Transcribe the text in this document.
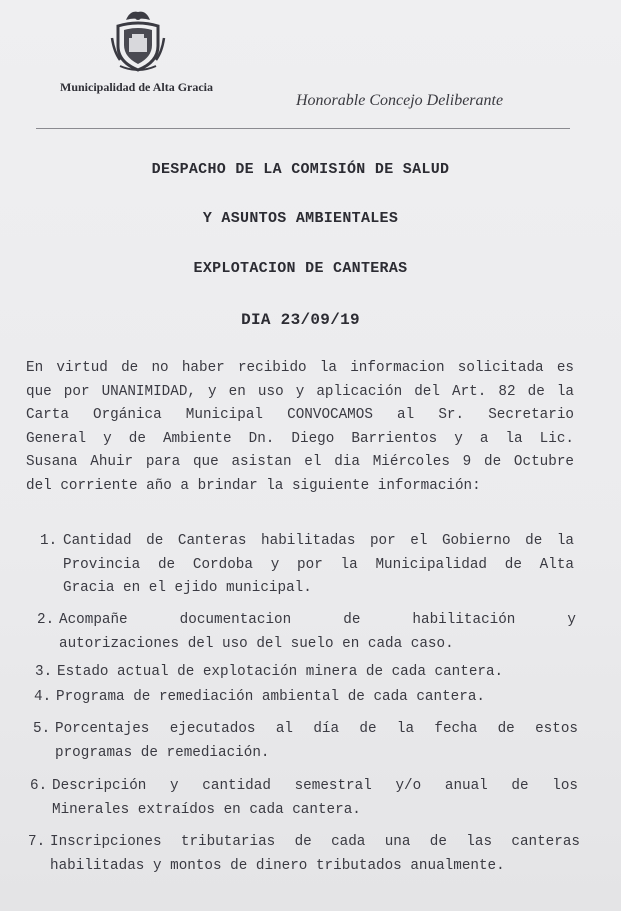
Municipalidad de Alta Gracia
Honorable Concejo Deliberante
DESPACHO DE LA COMISIÓN DE SALUD
Y ASUNTOS AMBIENTALES
EXPLOTACION DE CANTERAS
DIA 23/09/19
En virtud de no haber recibido la informacion solicitada es
que por UNANIMIDAD, y en uso y aplicación del Art. 82 de la
Carta Orgánica Municipal CONVOCAMOS al Sr. Secretario
General y de Ambiente Dn. Diego Barrientos y a la Lic.
Susana Ahuir para que asistan el dia Miércoles 9 de Octubre
del corriente año a brindar la siguiente información:
1. Cantidad de Canteras habilitadas por el Gobierno de la
Provincia de Cordoba y por la Municipalidad de Alta
Gracia en el ejido municipal.
2. Acompañe documentacion de habilitación y
autorizaciones del uso del suelo en cada caso.
3. Estado actual de explotación minera de cada cantera.
4. Programa de remediación ambiental de cada cantera.
5. Porcentajes ejecutados al día de la fecha de estos
programas de remediación.
6. Descripción y cantidad semestral y/o anual de los
Minerales extraídos en cada cantera.
7. Inscripciones tributarias de cada una de las canteras
habilitadas y montos de dinero tributados anualmente.
